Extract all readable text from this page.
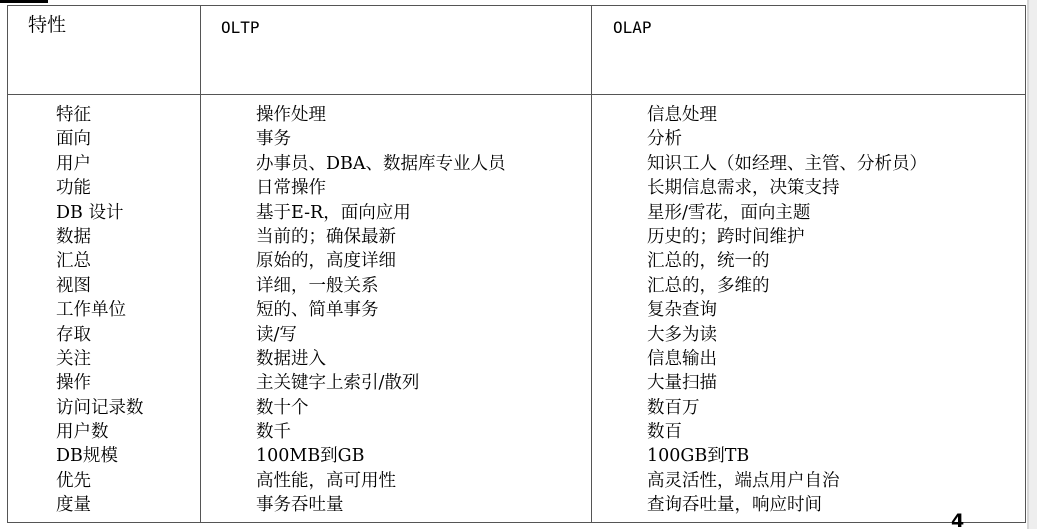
特性	OLTP	OLAP
特征
面向
用户
功能
DB 设计
数据
汇总
视图
工作单位
存取
关注
操作
访问记录数
用户数
DB规模
优先
度量
操作处理
事务
办事员、DBA、数据库专业人员
日常操作
基于E-R，面向应用
当前的；确保最新
原始的，高度详细
详细，一般关系
短的、简单事务
读/写
数据进入
主关键字上索引/散列
数十个
数千
100MB到GB
高性能，高可用性
事务吞吐量
信息处理
分析
知识工人（如经理、主管、分析员）
长期信息需求，决策支持
星形/雪花，面向主题
历史的；跨时间维护
汇总的，统一的
汇总的，多维的
复杂查询
大多为读
信息输出
大量扫描
数百万
数百
100GB到TB
高灵活性，端点用户自治
查询吞吐量，响应时间
4
